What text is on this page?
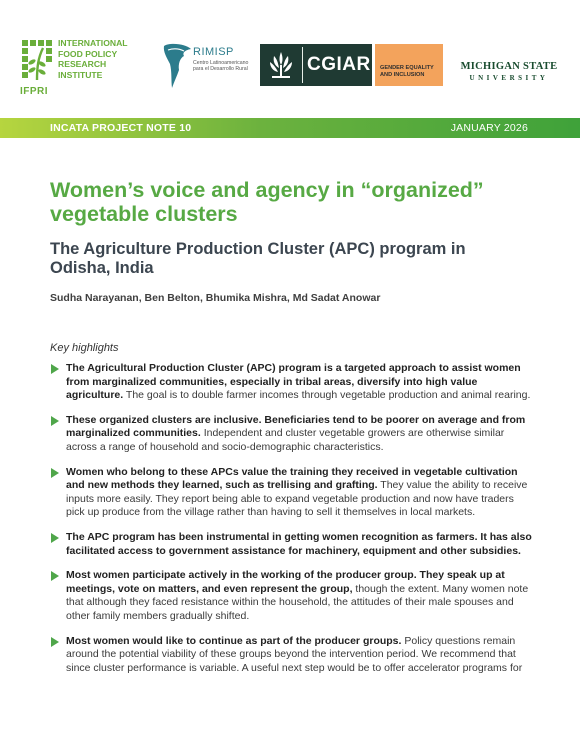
IFPRI
INTERNATIONAL
FOOD POLICY
RESEARCH
INSTITUTE
RIMISP
Centro Latinoamericano para el Desarrollo Rural	CGIAR GENDER EQUALITY
AND INCLUSION
MICHIGAN STATE
UNIVERSITY
INCATA PROJECT NOTE 10	JANUARY 2026
Women’s voice and agency in “organized” vegetable clusters
The Agriculture Production Cluster (APC) program in Odisha, India
Sudha Narayanan, Ben Belton, Bhumika Mishra, Md Sadat Anowar
Key highlights
The Agricultural Production Cluster (APC) program is a targeted approach to assist women from marginalized communities, especially in tribal areas, diversify into high value agriculture. The goal is to double farmer incomes through vegetable production and animal rearing.
These organized clusters are inclusive. Beneficiaries tend to be poorer on average and from marginalized communities. Independent and cluster vegetable growers are otherwise similar across a range of household and socio-demographic characteristics.
Women who belong to these APCs value the training they received in vegetable cultivation and new methods they learned, such as trellising and grafting. They value the ability to receive inputs more easily. They report being able to expand vegetable production and now have traders pick up produce from the village rather than having to sell it themselves in local markets.
The APC program has been instrumental in getting women recognition as farmers. It has also facilitated access to government assistance for machinery, equipment and other subsidies.
Most women participate actively in the working of the producer group. They speak up at meetings, vote on matters, and even represent the group, though the extent. Many women note that although they faced resistance within the household, the attitudes of their male spouses and other family members gradually shifted.
Most women would like to continue as part of the producer groups. Policy questions remain around the potential viability of these groups beyond the intervention period. We recommend that since cluster performance is variable. A useful next step would be to offer accelerator programs for
